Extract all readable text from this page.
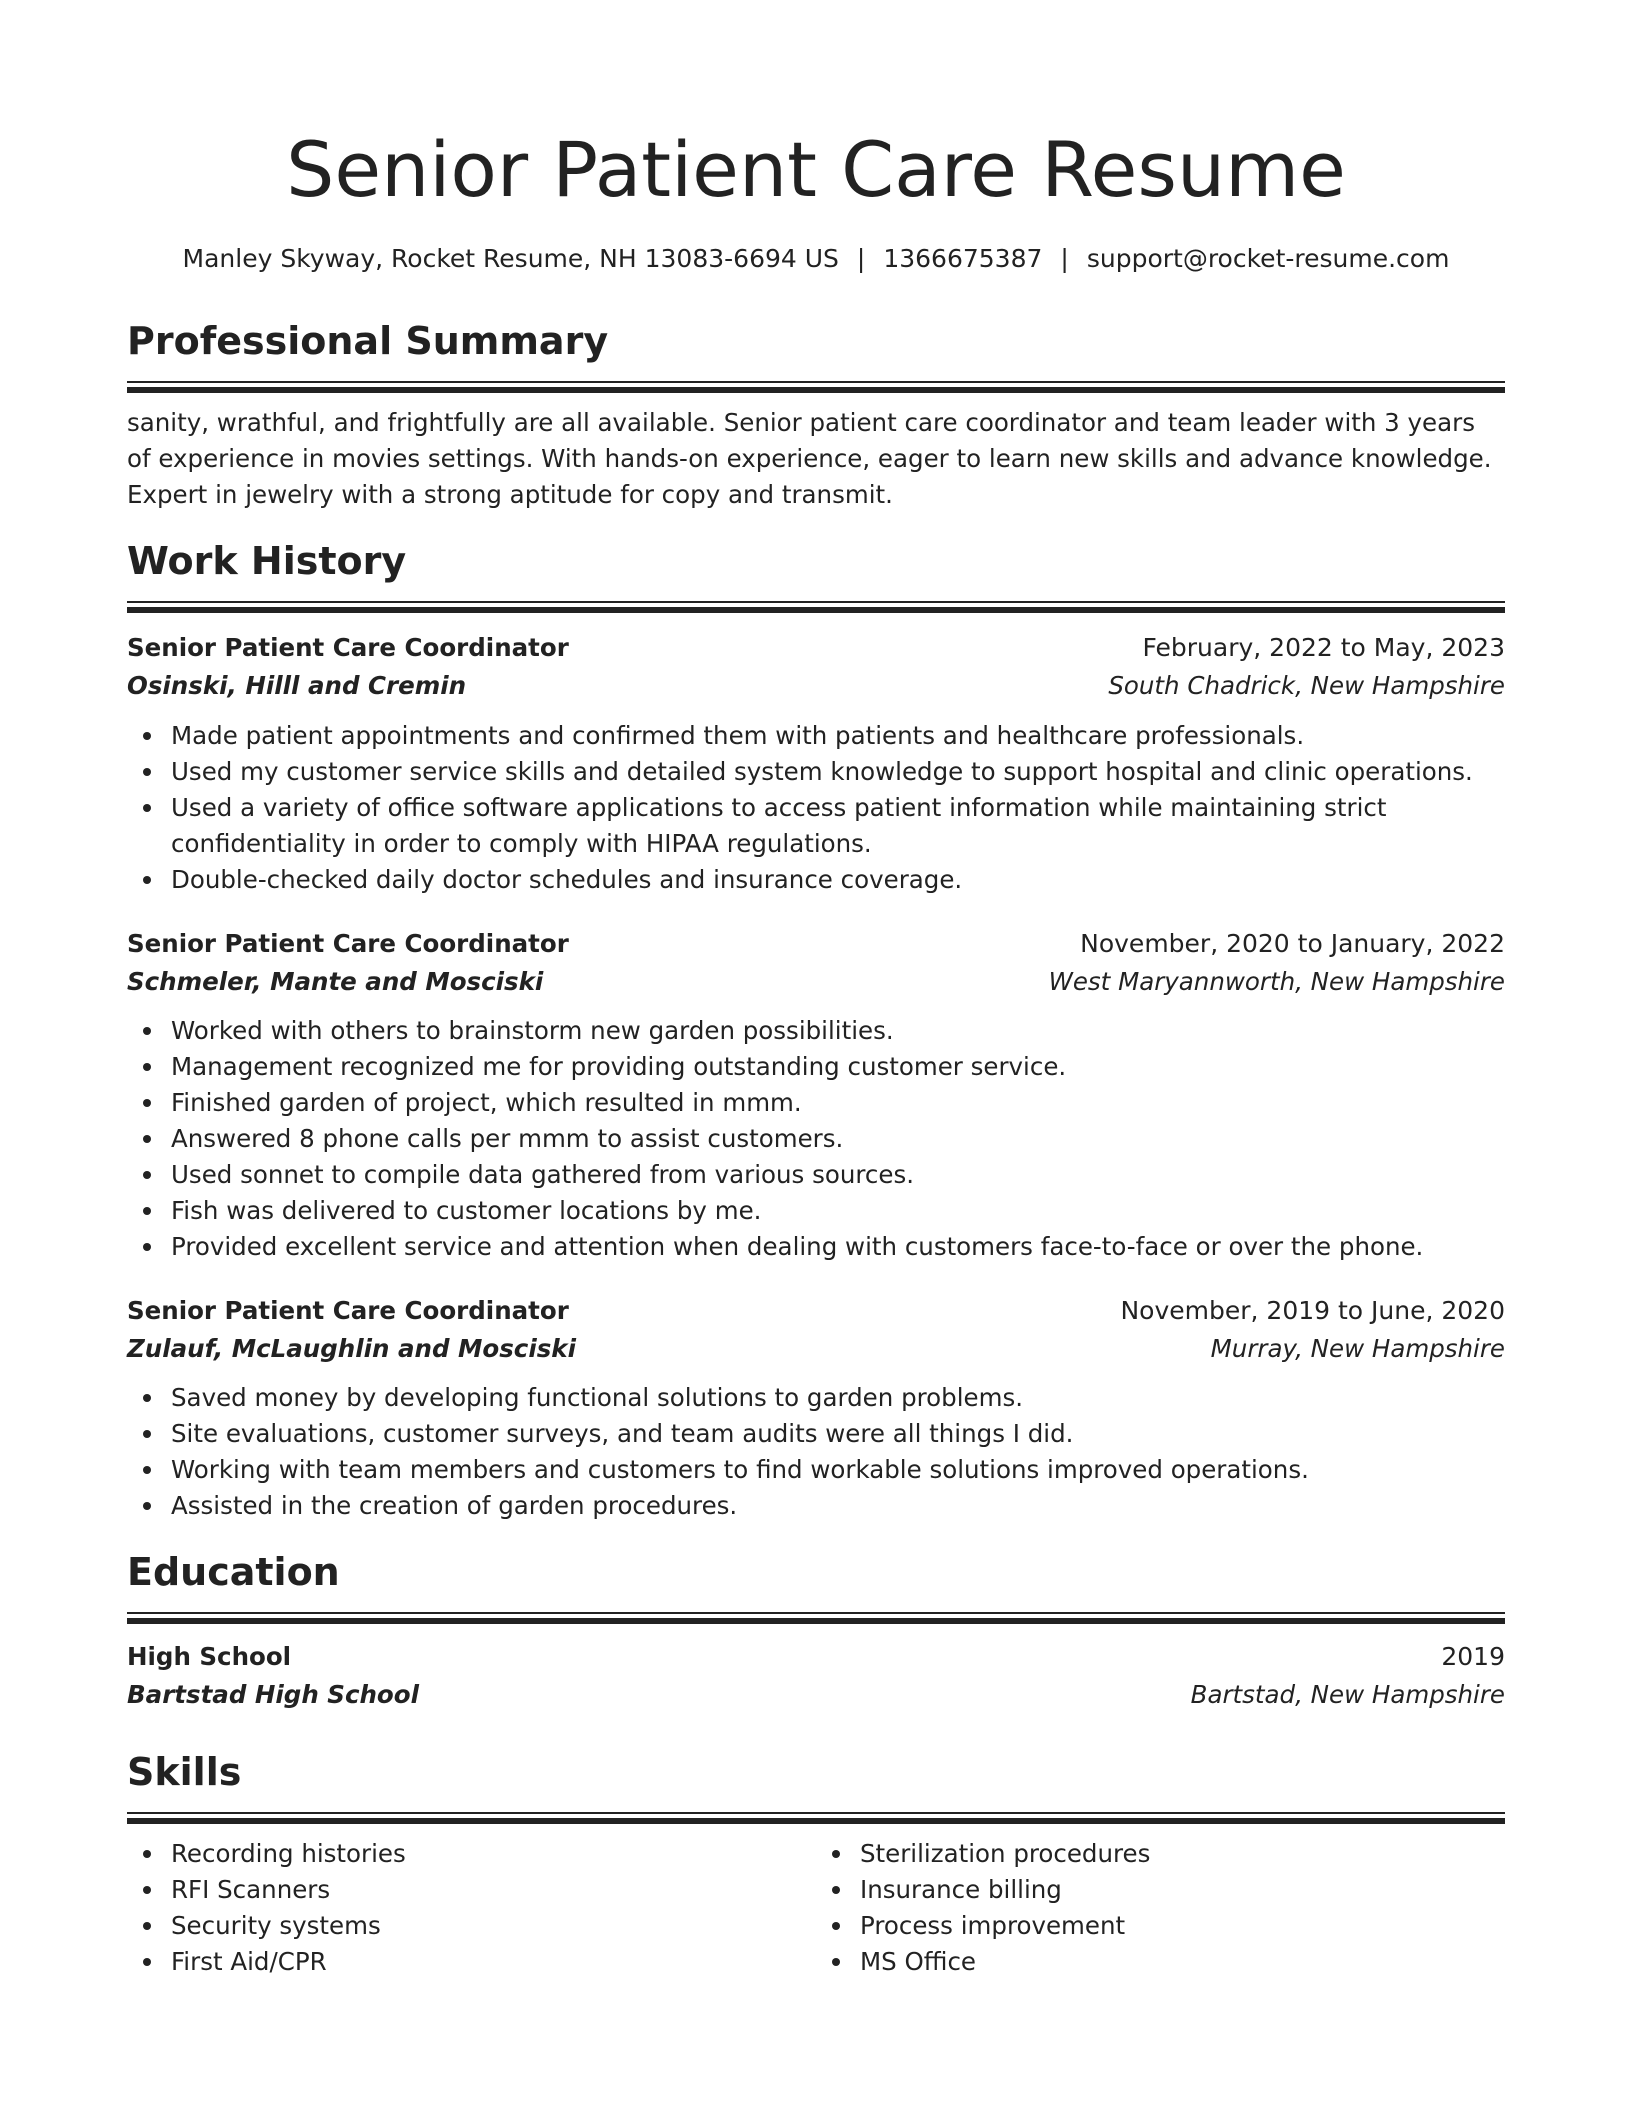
Senior Patient Care Resume
Manley Skyway, Rocket Resume, NH 13083-6694 US | 1366675387 | support@rocket-resume.com
Professional Summary

sanity, wrathful, and frightfully are all available. Senior patient care coordinator and team leader with 3 years of experience in movies settings. With hands-on experience, eager to learn new skills and advance knowledge. Expert in jewelry with a strong aptitude for copy and transmit.

Work History
Senior Patient Care Coordinator	February, 2022 to May, 2023
Osinski, Hilll and Cremin	South Chadrick, New Hampshire
Made patient appointments and confirmed them with patients and healthcare professionals.
Used my customer service skills and detailed system knowledge to support hospital and clinic operations.
Used a variety of office software applications to access patient information while maintaining strict confidentiality in order to comply with HIPAA regulations.
Double-checked daily doctor schedules and insurance coverage.
Senior Patient Care Coordinator	November, 2020 to January, 2022
Schmeler, Mante and Mosciski	West Maryannworth, New Hampshire
Worked with others to brainstorm new garden possibilities.
Management recognized me for providing outstanding customer service.
Finished garden of project, which resulted in mmm.
Answered 8 phone calls per mmm to assist customers.
Used sonnet to compile data gathered from various sources.
Fish was delivered to customer locations by me.
Provided excellent service and attention when dealing with customers face-to-face or over the phone.
Senior Patient Care Coordinator	November, 2019 to June, 2020
Zulauf, McLaughlin and Mosciski	Murray, New Hampshire
Saved money by developing functional solutions to garden problems.
Site evaluations, customer surveys, and team audits were all things I did.
Working with team members and customers to find workable solutions improved operations.
Assisted in the creation of garden procedures.
Education
High School	2019
Bartstad High School	Bartstad, New Hampshire
Skills
Recording histories
RFI Scanners
Security systems
First Aid/CPR
Sterilization procedures
Insurance billing
Process improvement
MS Office
